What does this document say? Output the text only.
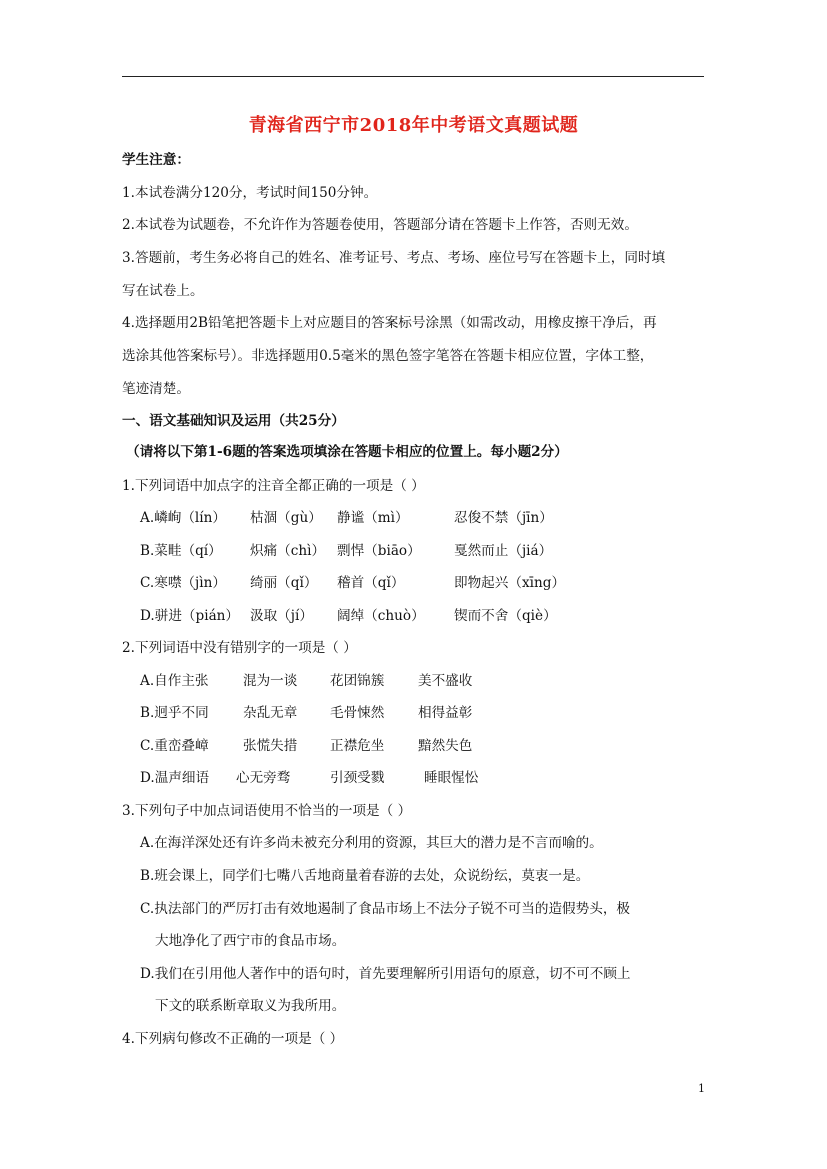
青海省西宁市2018年中考语文真题试题
学生注意：
1.本试卷满分120分，考试时间150分钟。
2.本试卷为试题卷，不允许作为答题卷使用，答题部分请在答题卡上作答，否则无效。
3.答题前，考生务必将自己的姓名、准考证号、考点、考场、座位号写在答题卡上，同时填
写在试卷上。
4.选择题用2B铅笔把答题卡上对应题目的答案标号涂黑（如需改动，用橡皮擦干净后，再
选涂其他答案标号）。非选择题用0.5毫米的黑色签字笔答在答题卡相应位置，字体工整，
笔迹清楚。
一、语文基础知识及运用（共25分）
（请将以下第1-6题的答案选项填涂在答题卡相应的位置上。每小题2分）
1.下列词语中加点字的注音全都正确的一项是（ ）
A.嶙峋（lín） 枯涸（gù） 静谧（mì）	忍俊不禁（jīn）
B.菜畦（qí） 炽痛（chì） 剽悍（biāo） 戛然而止（jiá）
C.寒噤（jìn） 绮丽（qǐ） 稽首（qǐ）	即物起兴（xīng）
D.骈进（pián） 汲取（jí） 阔绰（chuò） 锲而不舍（qiè）
2.下列词语中没有错别字的一项是（ ）
A.自作主张	混为一谈 花团锦簇 美不盛收
B.迥乎不同	杂乱无章 毛骨悚然 相得益彰
C.重峦叠嶂	张慌失措 正襟危坐 黯然失色
D.温声细语 心无旁骛	引颈受戮	睡眼惺忪
3.下列句子中加点词语使用不恰当的一项是（ ）
A.在海洋深处还有许多尚未被充分利用的资源，其巨大的潜力是不言而喻的。
B.班会课上，同学们七嘴八舌地商量着春游的去处，众说纷纭，莫衷一是。
C.执法部门的严厉打击有效地遏制了食品市场上不法分子锐不可当的造假势头，极
大地净化了西宁市的食品市场。
D.我们在引用他人著作中的语句时，首先要理解所引用语句的原意，切不可不顾上
下文的联系断章取义为我所用。
4.下列病句修改不正确的一项是（ ）
1
